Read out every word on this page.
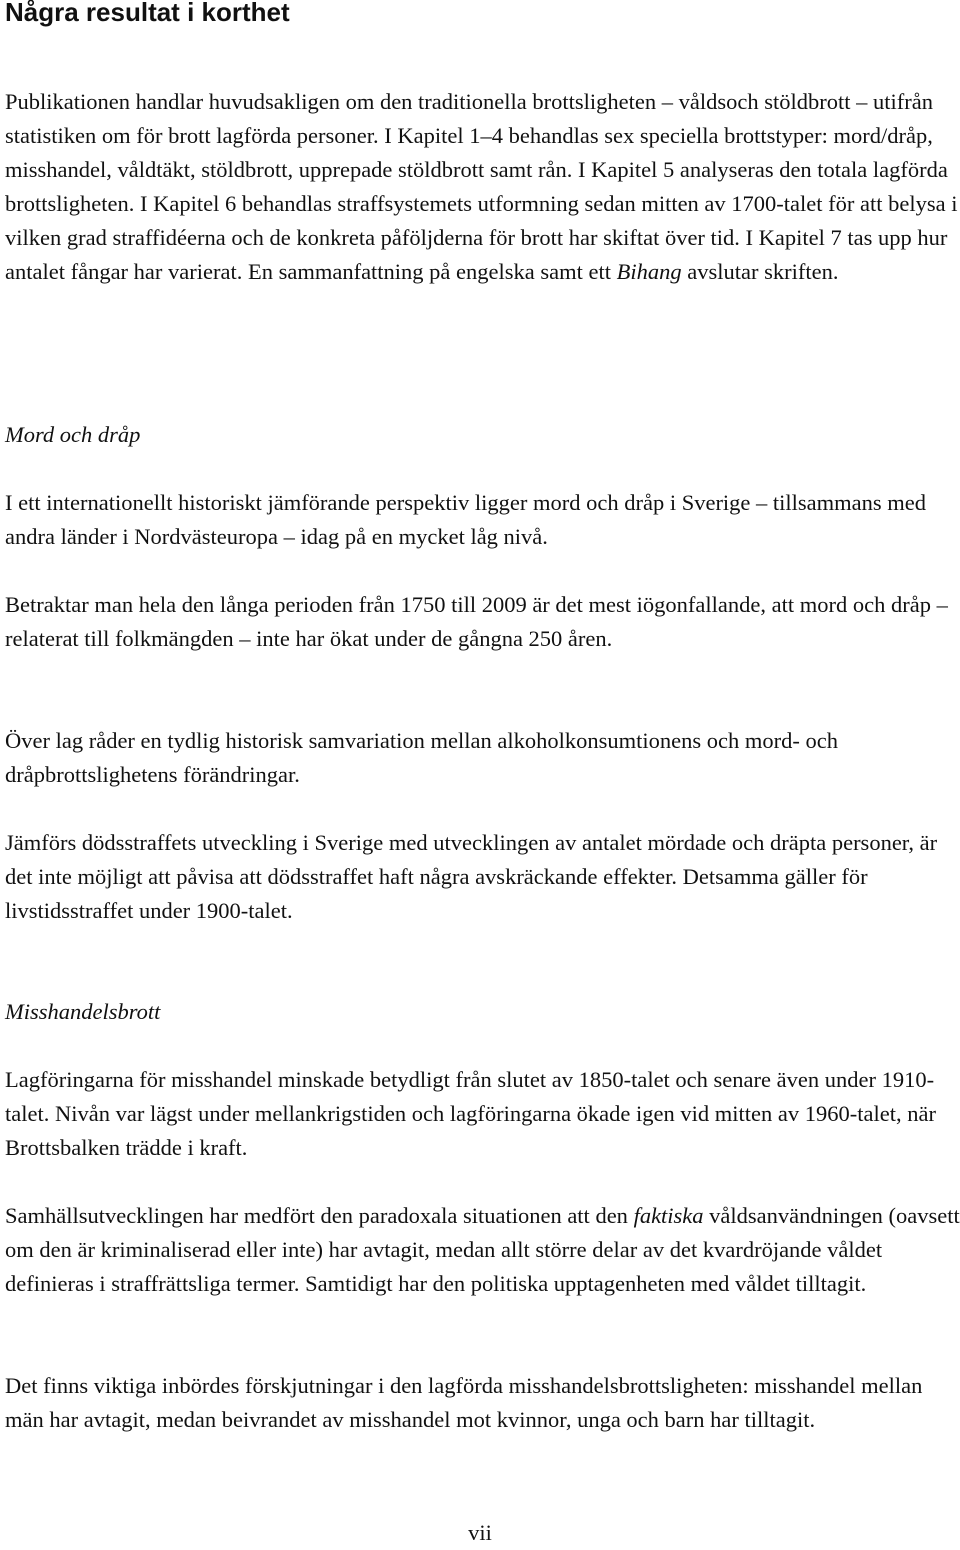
Några resultat i korthet

Publikationen handlar huvudsakligen om den traditionella brottsligheten – våldsoch stöldbrott – utifrån statistiken om för brott lagförda personer. I Kapitel 1–4 behandlas sex speciella brottstyper: mord/dråp, misshandel, våldtäkt, stöldbrott, upprepade stöldbrott samt rån. I Kapitel 5 analyseras den totala lagförda brottsligheten. I Kapitel 6 behandlas straffsystemets utformning sedan mitten av 1700-talet för att belysa i vilken grad straffidéerna och de konkreta påföljderna för brott har skiftat över tid. I Kapitel 7 tas upp hur antalet fångar har varierat. En sammanfattning på engelska samt ett Bihang avslutar skriften.

Mord och dråp

I ett internationellt historiskt jämförande perspektiv ligger mord och dråp i Sverige – tillsammans med andra länder i Nordvästeuropa – idag på en mycket låg nivå.

Betraktar man hela den långa perioden från 1750 till 2009 är det mest iögonfallande, att mord och dråp – relaterat till folkmängden – inte har ökat under de gångna 250 åren.

Över lag råder en tydlig historisk samvariation mellan alkoholkonsumtionens och mord- och dråpbrottslighetens förändringar.

Jämförs dödsstraffets utveckling i Sverige med utvecklingen av antalet mördade och dräpta personer, är det inte möjligt att påvisa att dödsstraffet haft några avskräckande effekter. Detsamma gäller för livstidsstraffet under 1900-talet.

Misshandelsbrott

Lagföringarna för misshandel minskade betydligt från slutet av 1850-talet och senare även under 1910-talet. Nivån var lägst under mellankrigstiden och lagföringarna ökade igen vid mitten av 1960-talet, när Brottsbalken trädde i kraft.

Samhällsutvecklingen har medfört den paradoxala situationen att den faktiska våldsanvändningen (oavsett om den är kriminaliserad eller inte) har avtagit, medan allt större delar av det kvardröjande våldet definieras i straffrättsliga termer. Samtidigt har den politiska upptagenheten med våldet tilltagit.

Det finns viktiga inbördes förskjutningar i den lagförda misshandelsbrottsligheten: misshandel mellan män har avtagit, medan beivrandet av misshandel mot kvinnor, unga och barn har tilltagit.

vii
